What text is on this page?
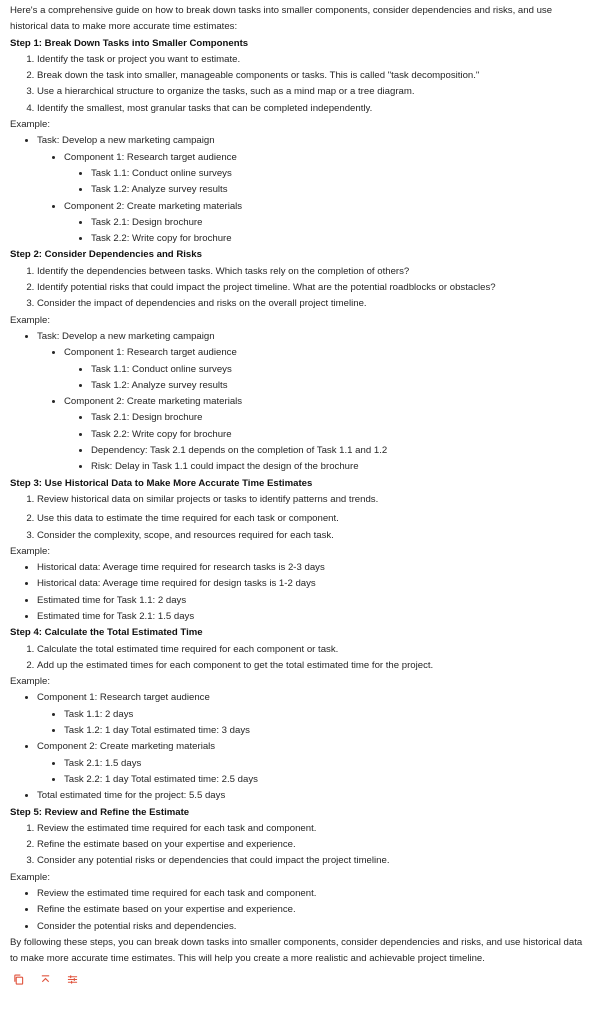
Here's a comprehensive guide on how to break down tasks into smaller components, consider dependencies and risks, and use historical data to make more accurate time estimates:

Step 1: Break Down Tasks into Smaller Components

1. Identify the task or project you want to estimate.
2. Break down the task into smaller, manageable components or tasks. This is called "task decomposition."
3. Use a hierarchical structure to organize the tasks, such as a mind map or a tree diagram.
4. Identify the smallest, most granular tasks that can be completed independently.

Example:

• Task: Develop a new marketing campaign
• Component 1: Research target audience
• Task 1.1: Conduct online surveys
• Task 1.2: Analyze survey results
• Component 2: Create marketing materials
• Task 2.1: Design brochure
• Task 2.2: Write copy for brochure

Step 2: Consider Dependencies and Risks

1. Identify the dependencies between tasks. Which tasks rely on the completion of others?
2. Identify potential risks that could impact the project timeline. What are the potential roadblocks or obstacles?
3. Consider the impact of dependencies and risks on the overall project timeline.

Example:

• Task: Develop a new marketing campaign
• Component 1: Research target audience
• Task 1.1: Conduct online surveys
• Task 1.2: Analyze survey results
• Component 2: Create marketing materials
• Task 2.1: Design brochure
• Task 2.2: Write copy for brochure
• Dependency: Task 2.1 depends on the completion of Task 1.1 and 1.2
• Risk: Delay in Task 1.1 could impact the design of the brochure

Step 3: Use Historical Data to Make More Accurate Time Estimates

1. Review historical data on similar projects or tasks to identify patterns and trends.
2. Use this data to estimate the time required for each task or component.
3. Consider the complexity, scope, and resources required for each task.

Example:

• Historical data: Average time required for research tasks is 2-3 days
• Historical data: Average time required for design tasks is 1-2 days
• Estimated time for Task 1.1: 2 days
• Estimated time for Task 2.1: 1.5 days

Step 4: Calculate the Total Estimated Time

1. Calculate the total estimated time required for each component or task.
2. Add up the estimated times for each component to get the total estimated time for the project.

Example:

• Component 1: Research target audience
• Task 1.1: 2 days
• Task 1.2: 1 day Total estimated time: 3 days
• Component 2: Create marketing materials
• Task 2.1: 1.5 days
• Task 2.2: 1 day Total estimated time: 2.5 days
• Total estimated time for the project: 5.5 days

Step 5: Review and Refine the Estimate

1. Review the estimated time required for each task and component.
2. Refine the estimate based on your expertise and experience.
3. Consider any potential risks or dependencies that could impact the project timeline.

Example:

• Review the estimated time required for each task and component.
• Refine the estimate based on your expertise and experience.
• Consider the potential risks and dependencies.

By following these steps, you can break down tasks into smaller components, consider dependencies and risks, and use historical data to make more accurate time estimates. This will help you create a more realistic and achievable project timeline.
